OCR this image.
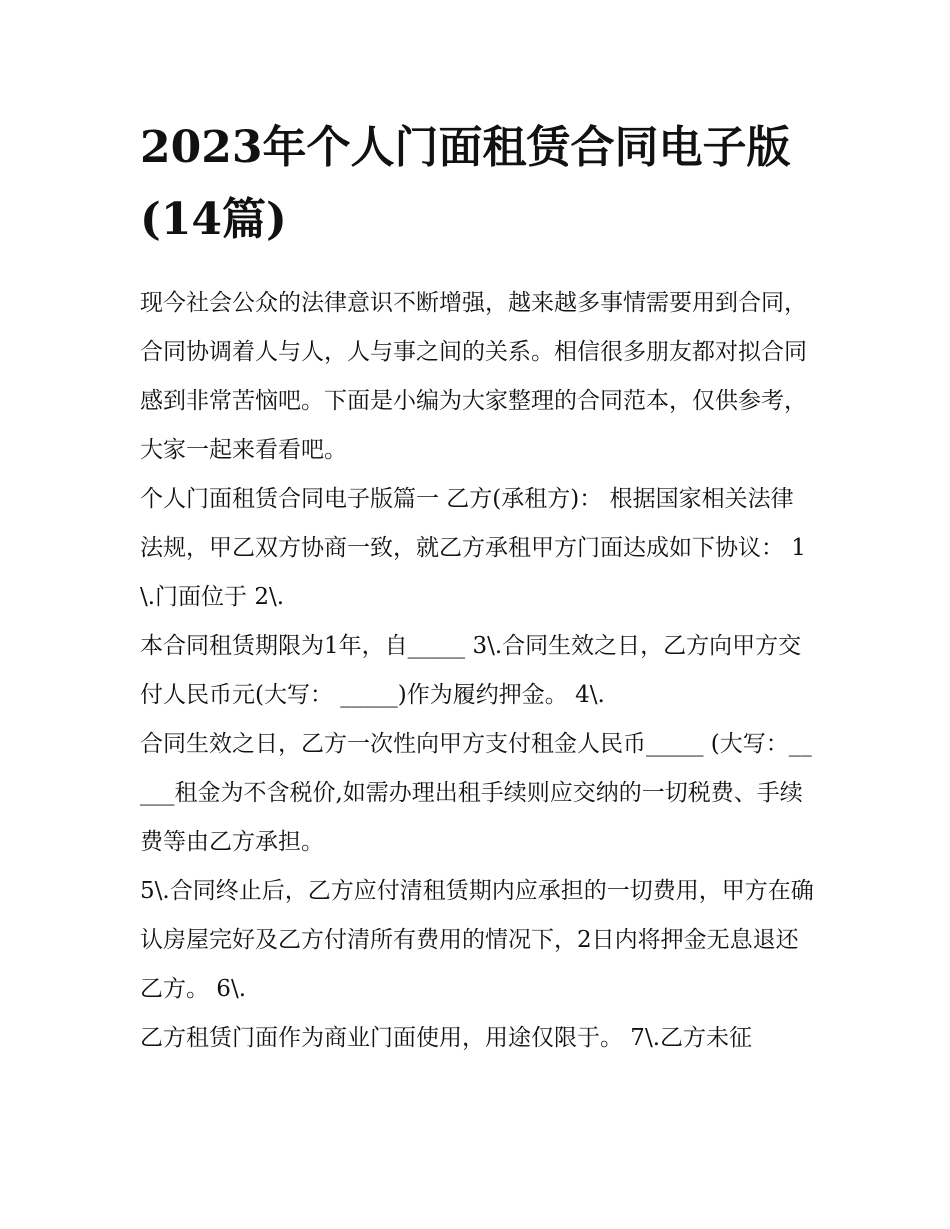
2023年个人门面租赁合同电子版(14篇)

现今社会公众的法律意识不断增强，越来越多事情需要用到合同，合同协调着人与人，人与事之间的关系。相信很多朋友都对拟合同感到非常苦恼吧。下面是小编为大家整理的合同范本，仅供参考，大家一起来看看吧。

个人门面租赁合同电子版篇一 乙方(承租方)： 根据国家相关法律法规，甲乙双方协商一致，就乙方承租甲方门面达成如下协议： 1\.门面位于 2\.

本合同租赁期限为1年，自_____ 3\.合同生效之日，乙方向甲方交付人民币元(大写： _____)作为履约押金。 4\.

合同生效之日，乙方一次性向甲方支付租金人民币_____ (大写：_____租金为不含税价,如需办理出租手续则应交纳的一切税费、手续费等由乙方承担。

5\.合同终止后，乙方应付清租赁期内应承担的一切费用，甲方在确认房屋完好及乙方付清所有费用的情况下，2日内将押金无息退还乙方。 6\.

乙方租赁门面作为商业门面使用，用途仅限于。 7\.乙方未征
